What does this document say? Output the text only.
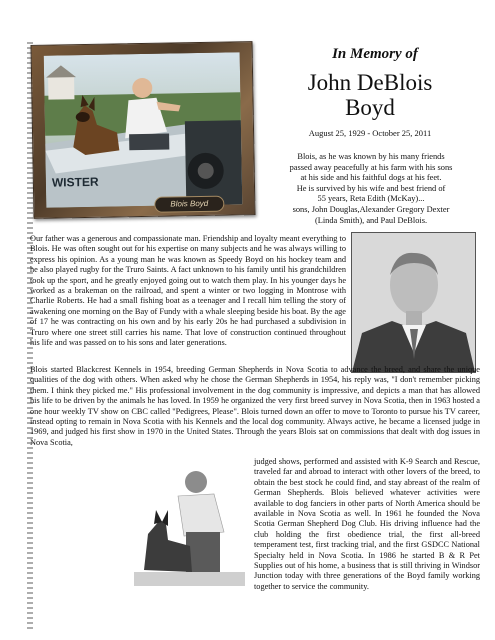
WISTER
Blois Boyd
In Memory of
John DeBlois
Boyd
August 25, 1929 - October 25, 2011
Blois, as he was known by his many friends
passed away peacefully at his farm with his sons
at his side and his faithful dogs at his feet.
He is survived by his wife and best friend of
55 years, Reta Edith (McKay)...
sons, John Douglas,Alexander Gregory Dexter
(Linda Smith), and Paul DeBlois.
Our father was a generous and compassionate man. Friendship and loyalty meant everything to Blois. He was often sought out for his expertise on many subjects and he was always willing to express his opinion. As a young man he was known as Speedy Boyd on his hockey team and he also played rugby for the Truro Saints. A fact unknown to his family until his grandchildren took up the sport, and he greatly enjoyed going out to watch them play. In his younger days he worked as a brakeman on the railroad, and spent a winter or two logging in Montrose with Charlie Roberts. He had a small fishing boat as a teenager and I recall him telling the story of awakening one morning on the Bay of Fundy with a whale sleeping beside his boat. By the age of 17 he was contracting on his own and by his early 20s he had purchased a subdivision in Truro where one street still carries his name. That love of construction continued throughout his life and was passed on to his sons and later generations.
Blois started Blackcrest Kennels in 1954, breeding German Shepherds in Nova Scotia to advance the breed, and share the unique qualities of the dog with others. When asked why he chose the German Shepherds in 1954, his reply was, "I don't remember picking them. I think they picked me." His professional involvement in the dog community is impressive, and depicts a man that has allowed his life to be driven by the animals he has loved. In 1959 he organized the very first breed survey in Nova Scotia, then in 1963 hosted a one hour weekly TV show on CBC called "Pedigrees, Please". Blois turned down an offer to move to Toronto to pursue his TV career, instead opting to remain in Nova Scotia with his Kennels and the local dog community. Always active, he became a licensed judge in 1969, and judged his first show in 1970 in the United States. Through the years Blois sat on commissions that dealt with dog issues in Nova Scotia,
judged shows, performed and assisted with K-9 Search and Rescue, traveled far and abroad to interact with other lovers of the breed, to obtain the best stock he could find, and stay abreast of the realm of German Shepherds. Blois believed whatever activities were available to dog fanciers in other parts of North America should be available in Nova Scotia as well. In 1961 he founded the Nova Scotia German Shepherd Dog Club. His driving influence had the club holding the first obedience trial, the first all-breed temperament test, first tracking trial, and the first GSDCC National Specialty held in Nova Scotia. In 1986 he started B & R Pet Supplies out of his home, a business that is still thriving in Windsor Junction today with three generations of the Boyd family working together to service the community.
